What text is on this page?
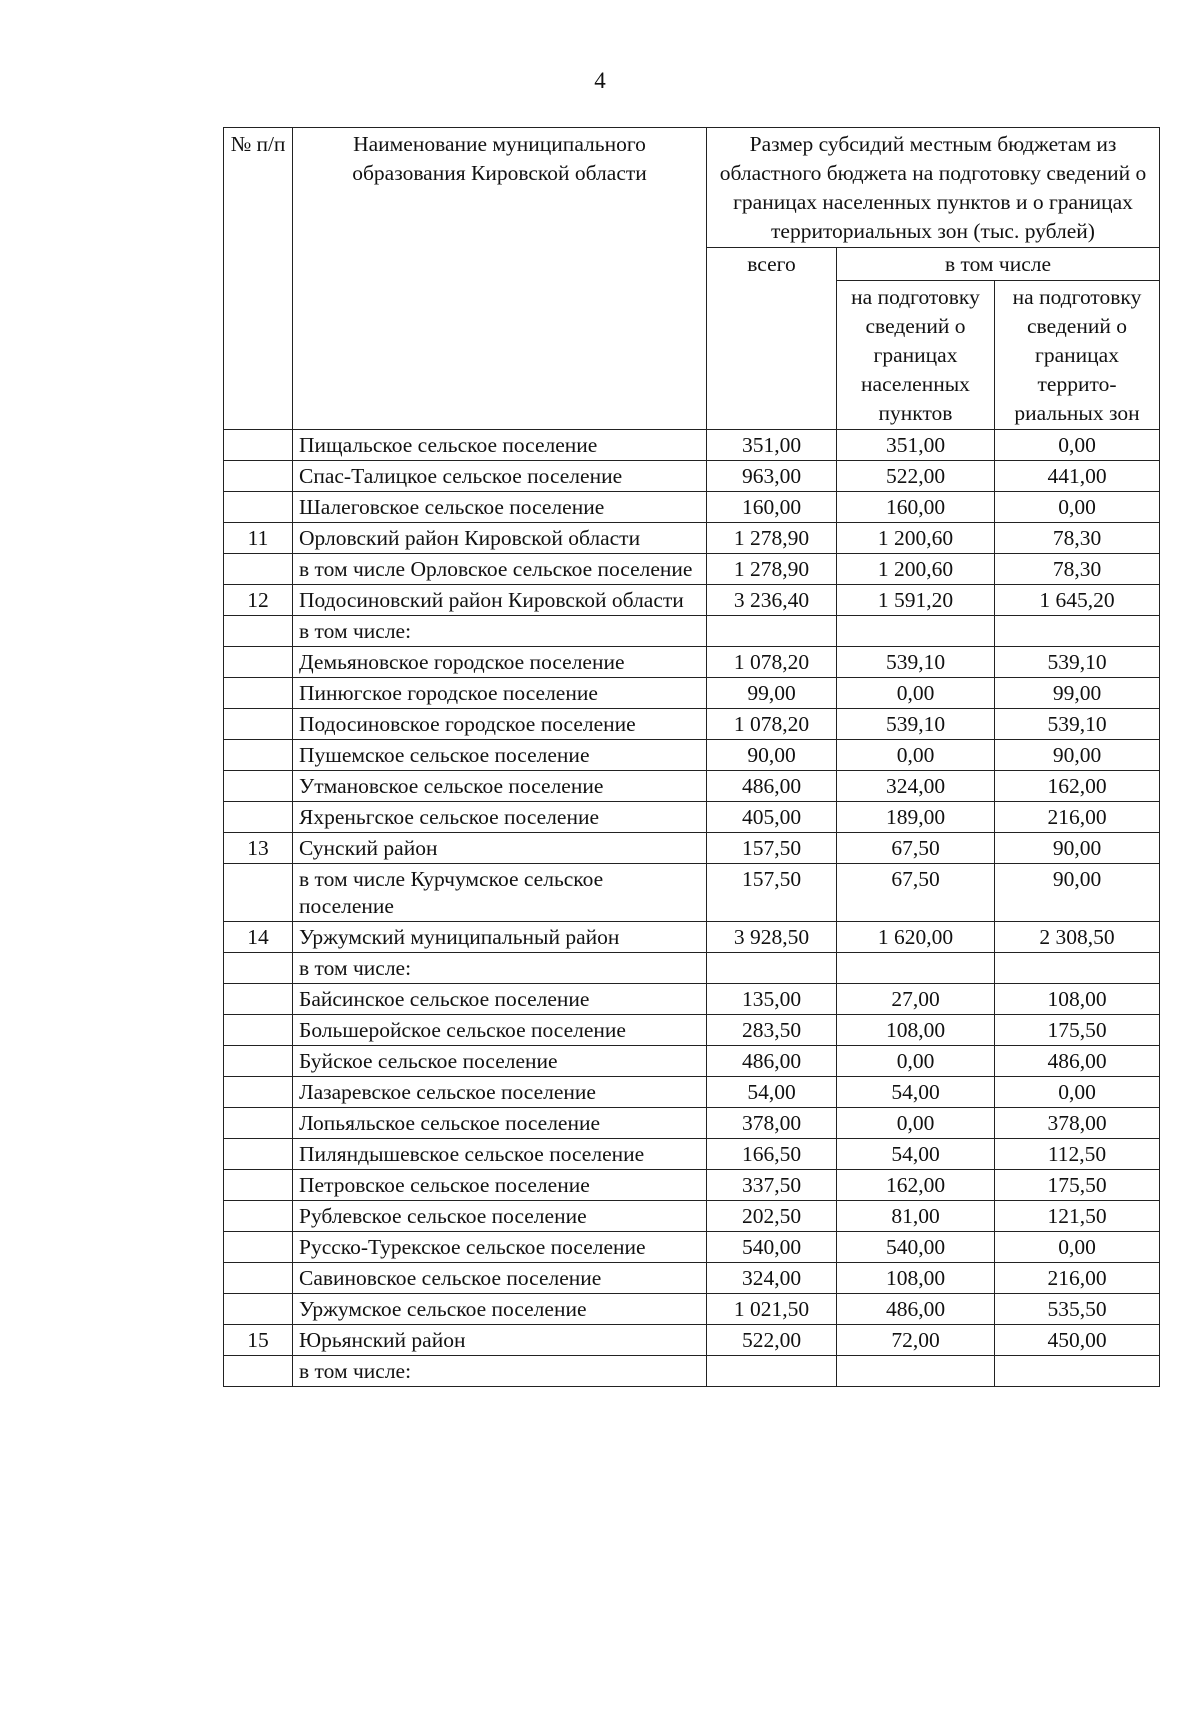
4
№ п/п	Наименование муниципального образования Кировской области	Размер субсидий местным бюджетам из областного бюджета на подготовку сведений о границах населенных пунктов и о границах территориальных зон (тыс. рублей)		
		всего	в том числе	
			на подготовку сведений о границах населенных пунктов	на подготовку сведений о границах террито-риальных зон
	Пищальское сельское поселение	351,00	351,00	0,00
	Спас-Талицкое сельское поселение	963,00	522,00	441,00
	Шалеговское сельское поселение	160,00	160,00	0,00
11	Орловский район Кировской области	1 278,90	1 200,60	78,30
	в том числе Орловское сельское поселение	1 278,90	1 200,60	78,30
12	Подосиновский район Кировской области	3 236,40	1 591,20	1 645,20
	в том числе:			
	Демьяновское городское поселение	1 078,20	539,10	539,10
	Пинюгское городское поселение	99,00	0,00	99,00
	Подосиновское городское поселение	1 078,20	539,10	539,10
	Пушемское сельское поселение	90,00	0,00	90,00
	Утмановское сельское поселение	486,00	324,00	162,00
	Яхреньгское сельское поселение	405,00	189,00	216,00
13	Сунский район	157,50	67,50	90,00
	в том числе Курчумское сельское поселение	157,50	67,50	90,00
14	Уржумский муниципальный район	3 928,50	1 620,00	2 308,50
	в том числе:			
	Байсинское сельское поселение	135,00	27,00	108,00
	Большеройское сельское поселение	283,50	108,00	175,50
	Буйское сельское поселение	486,00	0,00	486,00
	Лазаревское сельское поселение	54,00	54,00	0,00
	Лопьяльское сельское поселение	378,00	0,00	378,00
	Пиляндышевское сельское поселение	166,50	54,00	112,50
	Петровское сельское поселение	337,50	162,00	175,50
	Рублевское сельское поселение	202,50	81,00	121,50
	Русско-Турекское сельское поселение	540,00	540,00	0,00
	Савиновское сельское поселение	324,00	108,00	216,00
	Уржумское сельское поселение	1 021,50	486,00	535,50
15	Юрьянский район	522,00	72,00	450,00
	в том числе:			
